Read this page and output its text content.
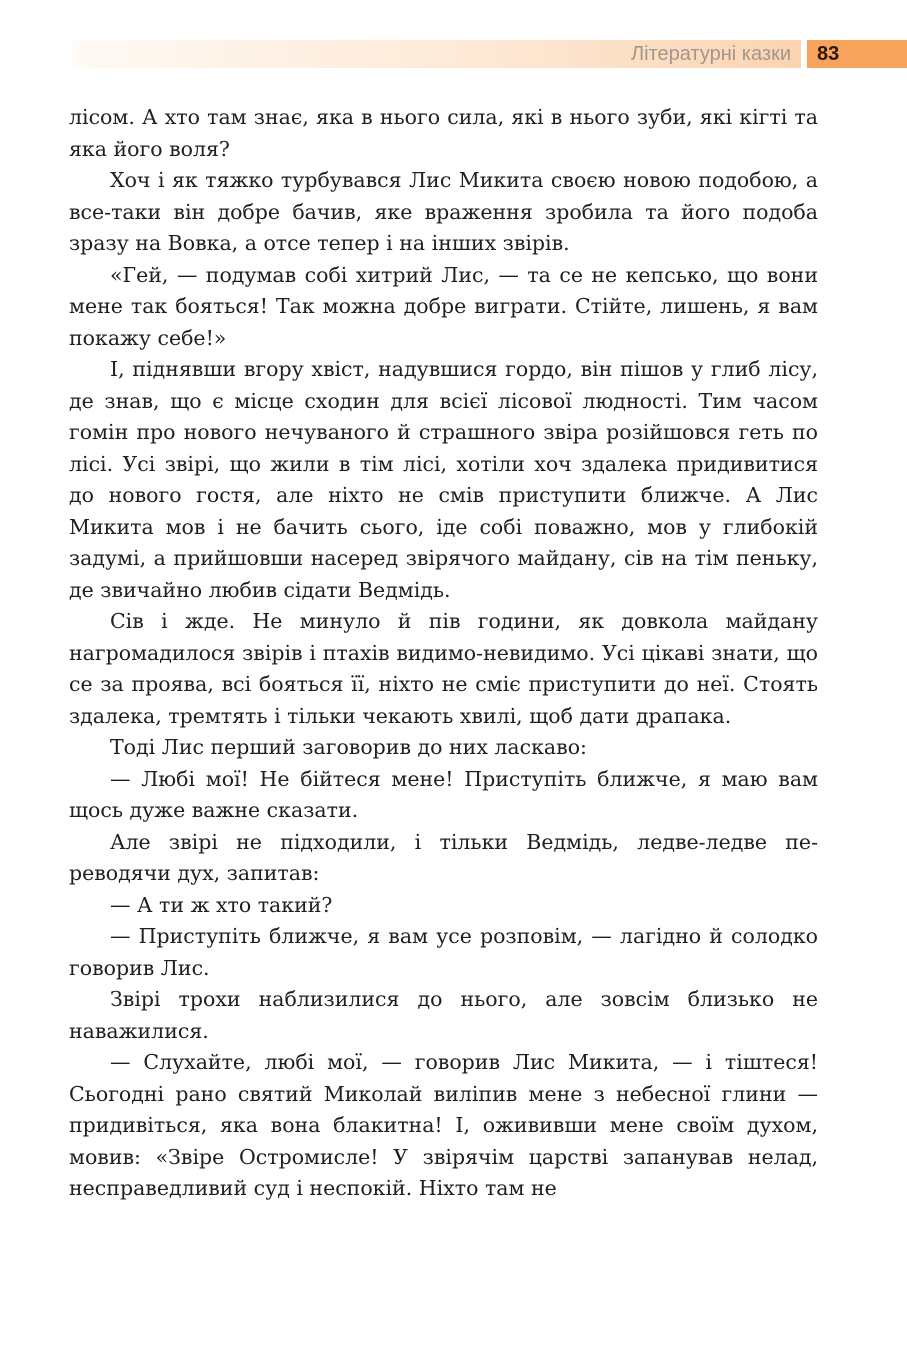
Літературні казки 83

лісом. А хто там знає, яка в нього сила, які в нього зуби, які кігті та яка його воля?

Хоч і як тяжко турбувався Лис Микита своєю новою подобою, а все-таки він добре бачив, яке враження зробила та його подоба зразу на Вовка, а отсе тепер і на інших звірів.

«Гей, — подумав собі хитрий Лис, — та се не кепсько, що вони мене так бояться! Так можна добре виграти. Стійте, лишень, я вам покажу себе!»

І, піднявши вгору хвіст, надувшися гордо, він пішов у глиб лісу, де знав, що є місце сходин для всієї лісової людності. Тим часом гомін про нового нечуваного й страшного звіра розійшовся геть по лісі. Усі звірі, що жили в тім лісі, хотіли хоч здалека придивитися до нового гостя, але ніхто не смів приступити ближче. А Лис Микита мов і не бачить сього, іде собі поважно, мов у глибокій задумі, а прийшовши насеред звірячого майдану, сів на тім пеньку, де звичайно любив сідати Ведмідь.

Сів і жде. Не минуло й пів години, як довкола майдану нагромадилося звірів і птахів видимо-невидимо. Усі цікаві знати, що се за проява, всі бояться її, ніхто не сміє приступити до неї. Стоять здалека, тремтять і тільки чекають хвилі, щоб дати драпака.

Тоді Лис перший заговорив до них ласкаво:

— Любі мої! Не бійтеся мене! Приступіть ближче, я маю вам щось дуже важне сказати.

Але звірі не підходили, і тільки Ведмідь, ледве-ледве переводячи дух, запитав:

— А ти ж хто такий?

— Приступіть ближче, я вам усе розповім, — лагідно й солодко говорив Лис.

Звірі трохи наблизилися до нього, але зовсім близько не наважилися.

— Слухайте, любі мої, — говорив Лис Микита, — і тіштеся! Сьогодні рано святий Миколай виліпив мене з небесної глини — придивіться, яка вона блакитна! І, ожививши мене своїм духом, мовив: «Звіре Остромисле! У звірячім царстві запанував нелад, несправедливий суд і неспокій. Ніхто там не
